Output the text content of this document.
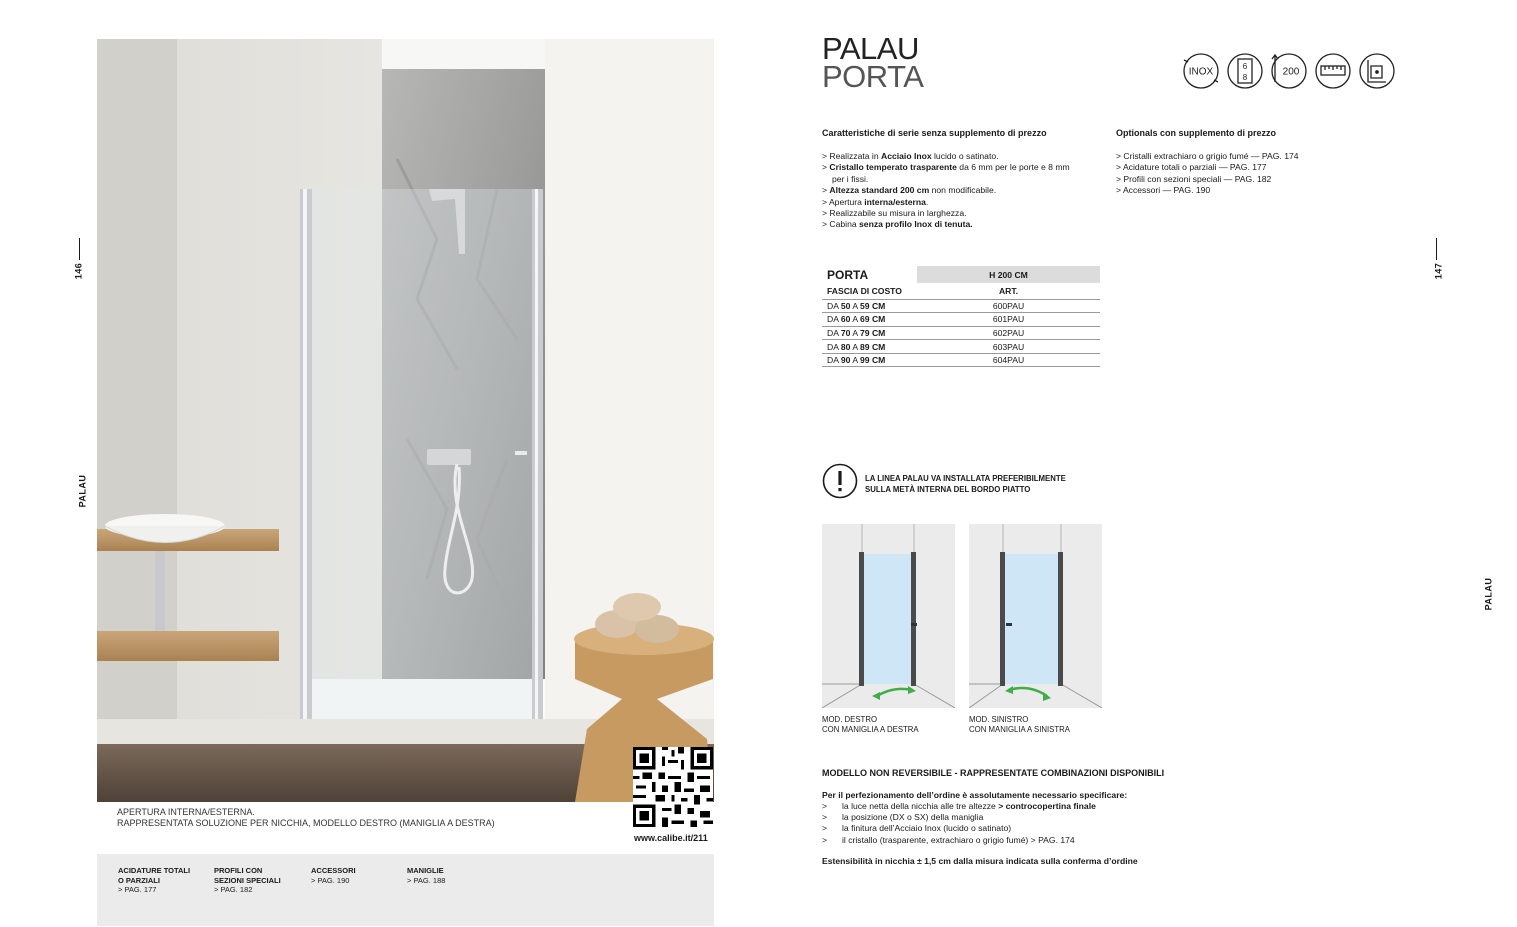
146
PALAU
APERTURA INTERNA/ESTERNA.
RAPPRESENTATA SOLUZIONE PER NICCHIA, MODELLO DESTRO (MANIGLIA A DESTRA)
www.calibe.it/211
ACIDATURE TOTALI
O PARZIALI
> PAG. 177
PROFILI CON
SEZIONI SPECIALI
> PAG. 182
ACCESSORI
> PAG. 190
MANIGLIE
> PAG. 188
147
PALAU
PALAU
PORTA	INOX	6
8	200
Caratteristiche di serie senza supplemento di prezzo
> Realizzata in Acciaio Inox lucido o satinato.
> Cristallo temperato trasparente da 6 mm per le porte e 8 mm
per i fissi.
> Altezza standard 200 cm non modificabile.
> Apertura interna/esterna.
> Realizzabile su misura in larghezza.
> Cabina senza profilo Inox di tenuta.
Optionals con supplemento di prezzo
> Cristalli extrachiaro o grigio fumé — PAG. 174
> Acidature totali o parziali — PAG. 177
> Profili con sezioni speciali — PAG. 182
> Accessori — PAG. 190
PORTA	H 200 CM
FASCIA DI COSTO	ART.
DA 50 A 59 CM	600PAU
DA 60 A 69 CM	601PAU
DA 70 A 79 CM	602PAU
DA 80 A 89 CM	603PAU
DA 90 A 99 CM	604PAU
LA LINEA PALAU VA INSTALLATA PREFERIBILMENTE
SULLA METÀ INTERNA DEL BORDO PIATTO
MOD. DESTRO
CON MANIGLIA A DESTRA
MOD. SINISTRO
CON MANIGLIA A SINISTRA
MODELLO NON REVERSIBILE - RAPPRESENTATE COMBINAZIONI DISPONIBILI
Per il perfezionamento dell’ordine è assolutamente necessario specificare:
> la luce netta della nicchia alle tre altezze > controcopertina finale
> la posizione (DX o SX) della maniglia
> la finitura dell’Acciaio Inox (lucido o satinato)
> il cristallo (trasparente, extrachiaro o grigio fumé) > PAG. 174
Estensibilità in nicchia ± 1,5 cm dalla misura indicata sulla conferma d’ordine
